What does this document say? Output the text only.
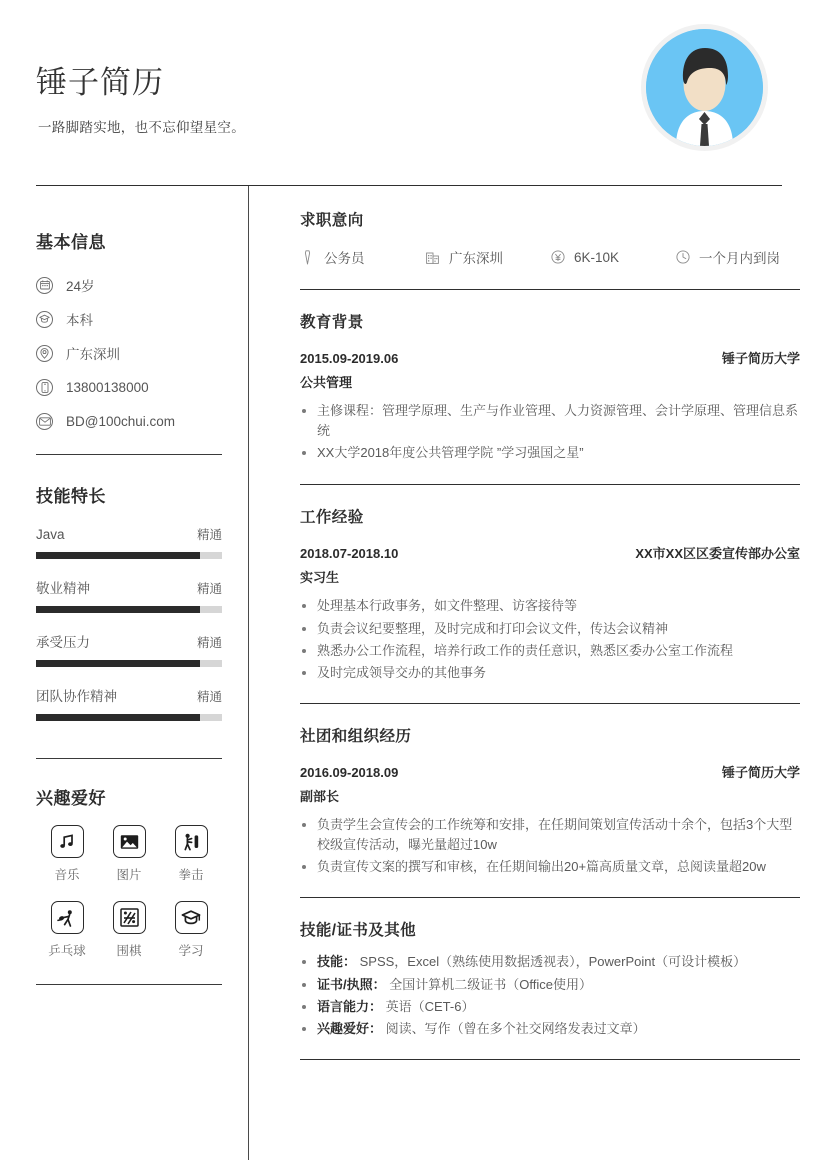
锤子简历
一路脚踏实地，也不忘仰望星空。
基本信息
24岁
本科
广东深圳
13800138000
BD@100chui.com
技能特长
Java	精通
敬业精神	精通
承受压力	精通
团队协作精神	精通
兴趣爱好
音乐	图片	拳击
乒乓球 围棋	学习
求职意向
公务员	广东深圳	6K-10K	一个月内到岗
教育背景
2015.09-2019.06	锤子简历大学
公共管理
主修课程：管理学原理、生产与作业管理、人力资源管理、会计学原理、管理信息系统
XX大学2018年度公共管理学院 ”学习强国之星”
工作经验
2018.07-2018.10	XX市XX区区委宣传部办公室
实习生
处理基本行政事务，如文件整理、访客接待等
负责会议纪要整理，及时完成和打印会议文件，传达会议精神
熟悉办公工作流程，培养行政工作的责任意识，熟悉区委办公室工作流程
及时完成领导交办的其他事务
社团和组织经历
2016.09-2018.09	锤子简历大学
副部长
负责学生会宣传会的工作统筹和安排，在任期间策划宣传活动十余个，包括3个大型校级宣传活动，曝光量超过10w
负责宣传文案的撰写和审核，在任期间输出20+篇高质量文章，总阅读量超20w
技能/证书及其他
技能： SPSS，Excel（熟练使用数据透视表），PowerPoint（可设计模板）
证书/执照： 全国计算机二级证书（Office使用）
语言能力： 英语（CET-6）
兴趣爱好： 阅读、写作（曾在多个社交网络发表过文章）
